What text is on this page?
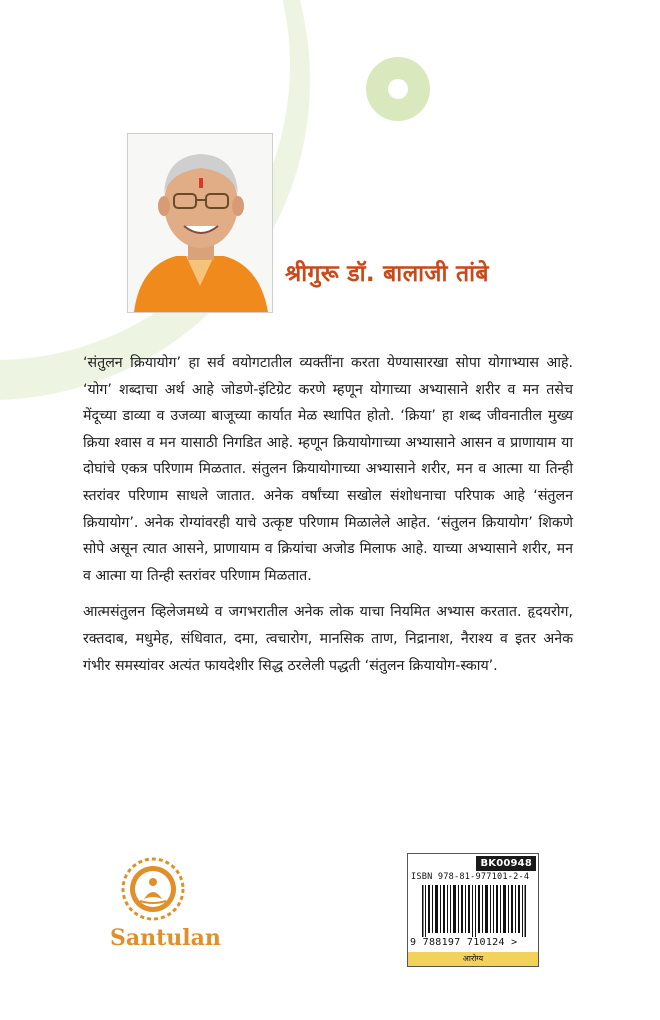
श्रीगुरू डॉ. बालाजी तांबे

‘संतुलन क्रियायोग’ हा सर्व वयोगटातील व्यक्तींना करता येण्यासारखा सोपा योगाभ्यास आहे. ‘योग’ शब्दाचा अर्थ आहे जोडणे-इंटिग्रेट करणे म्हणून योगाच्या अभ्यासाने शरीर व मन तसेच मेंदूच्या डाव्या व उजव्या बाजूच्या कार्यात मेळ स्थापित होतो. ‘क्रिया’ हा शब्द जीवनातील मुख्य क्रिया श्वास व मन यासाठी निगडित आहे. म्हणून क्रियायोगाच्या अभ्यासाने आसन व प्राणायाम या दोघांचे एकत्र परिणाम मिळतात. संतुलन क्रियायोगाच्या अभ्यासाने शरीर, मन व आत्मा या तिन्ही स्तरांवर परिणाम साधले जातात. अनेक वर्षांच्या सखोल संशोधनाचा परिपाक आहे ‘संतुलन क्रियायोग’. अनेक रोग्यांवरही याचे उत्कृष्ट परिणाम मिळालेले आहेत. ‘संतुलन क्रियायोग’ शिकणे सोपे असून त्यात आसने, प्राणायाम व क्रियांचा अजोड मिलाफ आहे. याच्या अभ्यासाने शरीर, मन व आत्मा या तिन्ही स्तरांवर परिणाम मिळतात.

आत्मसंतुलन व्हिलेजमध्ये व जगभरातील अनेक लोक याचा नियमित अभ्यास करतात. हृदयरोग, रक्तदाब, मधुमेह, संधिवात, दमा, त्वचारोग, मानसिक ताण, निद्रानाश, नैराश्य व इतर अनेक गंभीर समस्यांवर अत्यंत फायदेशीर सिद्ध ठरलेली पद्धती ‘संतुलन क्रियायोग-स्काय’.

Santulan
BK00948
ISBN 978-81-977101-2-4
9 788197 710124 >
आरोग्य
